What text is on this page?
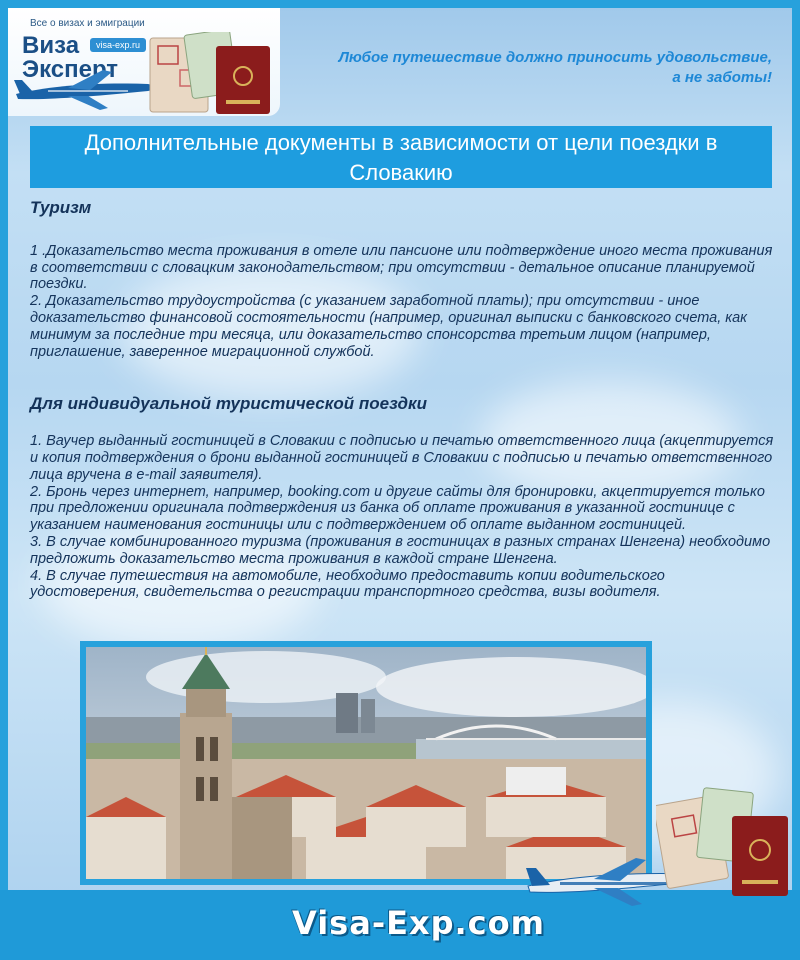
Все о визах и эмиграции
Виза	visa-exp.ru
Эксперт	Любое путешествие должно приносить удовольствие,
а не заботы!
Дополнительные документы в зависимости от цели поездки в Словакию
Туризм

1 .Доказательство места проживания в отеле или пансионе или подтверждение иного места проживания в соответствии с словацким законодательством; при отсутствии - детальное описание планируемой поездки.

2. Доказательство трудоустройства (с указанием заработной платы); при отсутствии - иное доказательство финансовой состоятельности (например, оригинал выписки с банковского счета, как минимум за последние три месяца, или доказательство спонсорства третьим лицом (например, приглашение, заверенное миграционной службой.

Для индивидуальной туристической поездки

1. Ваучер выданный гостиницей в Словакии с подписью и печатью ответственного лица (акцептируется и копия подтверждения о брони выданной гостиницей в Словакии с подписью и печатью ответственного лица вручена в e-mail заявителя).

2. Бронь через интернет, например, booking.com и другие сайты для бронировки, акцептируется только при предложении оригинала подтверждения из банка об оплате проживания в указанной гостинице с указанием наименования гостиницы или с подтверждением об оплате выданном гостиницей.

3. В случае комбинированного туризма (проживания в гостиницах в разных странах Шенгена) необходимо предложить доказательство места проживания в каждой стране Шенгена.

4. В случае путешествия на автомобиле, необходимо предоставить копии водительского удостоверения, свидетельства о регистрации транспортного средства, визы водителя.

Visa-Exp.com
